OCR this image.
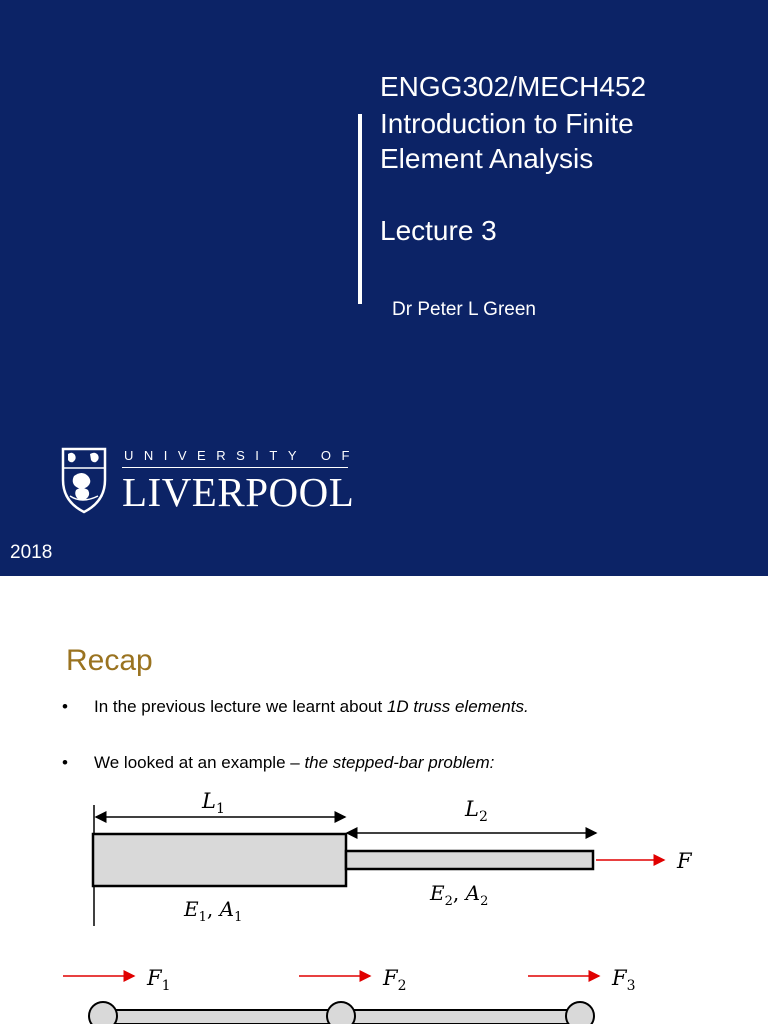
ENGG302/MECH452
Introduction to Finite
Element Analysis
Lecture 3
Dr Peter L Green
UNIVERSITY OF
LIVERPOOL
2018
Recap
• In the previous lecture we learnt about 1D truss elements.
• We looked at an example – the stepped-bar problem:
$L_1$	$L_2$
F
$E_1$, $A_1$
$E_2$, $A_2$
$F_1$	$F_2$	$F_3$
